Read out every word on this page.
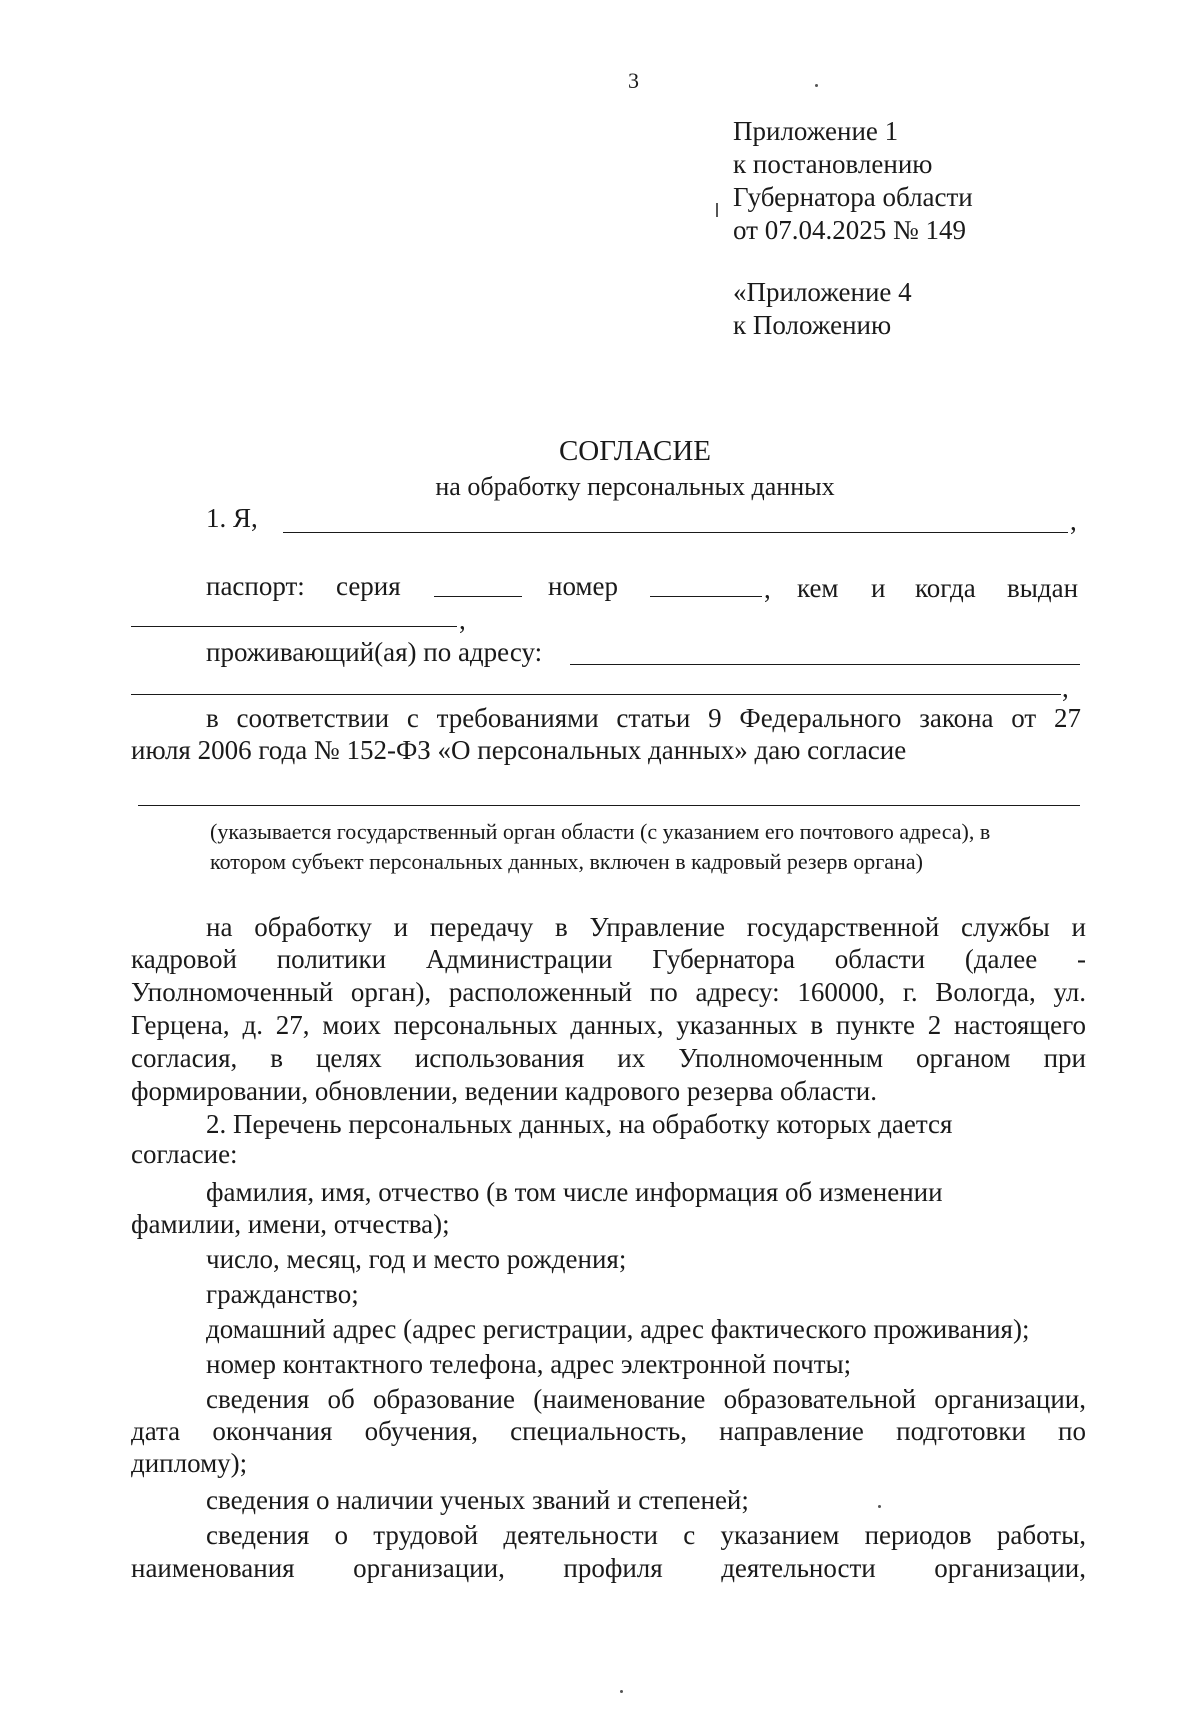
3
Приложение 1
к постановлению
Губернатора области
от 07.04.2025 № 149
«Приложение 4
к Положению
СОГЛАСИЕ
на обработку персональных данных
1. Я,	,
паспорт: серия	номер	, кем и когда выдан
,
проживающий(ая) по адресу:
,
в соответствии с требованиями статьи 9 Федерального закона от 27
июля 2006 года № 152-ФЗ «О персональных данных» даю согласие
(указывается государственный орган области (с указанием его почтового адреса), в
котором субъект персональных данных, включен в кадровый резерв органа)
на обработку и передачу в Управление государственной службы и
кадровой политики Администрации Губернатора области (далее -
Уполномоченный орган), расположенный по адресу: 160000, г. Вологда, ул.
Герцена, д. 27, моих персональных данных, указанных в пункте 2 настоящего
согласия, в целях использования их Уполномоченным органом при
формировании, обновлении, ведении кадрового резерва области.
2. Перечень персональных данных, на обработку которых дается
согласие:
фамилия, имя, отчество (в том числе информация об изменении
фамилии, имени, отчества);
число, месяц, год и место рождения;
гражданство;
домашний адрес (адрес регистрации, адрес фактического проживания);
номер контактного телефона, адрес электронной почты;
сведения об образование (наименование образовательной организации,
дата окончания обучения, специальность, направление подготовки по
диплому);
сведения о наличии ученых званий и степеней;
сведения о трудовой деятельности с указанием периодов работы,
наименования организации, профиля деятельности организации,
